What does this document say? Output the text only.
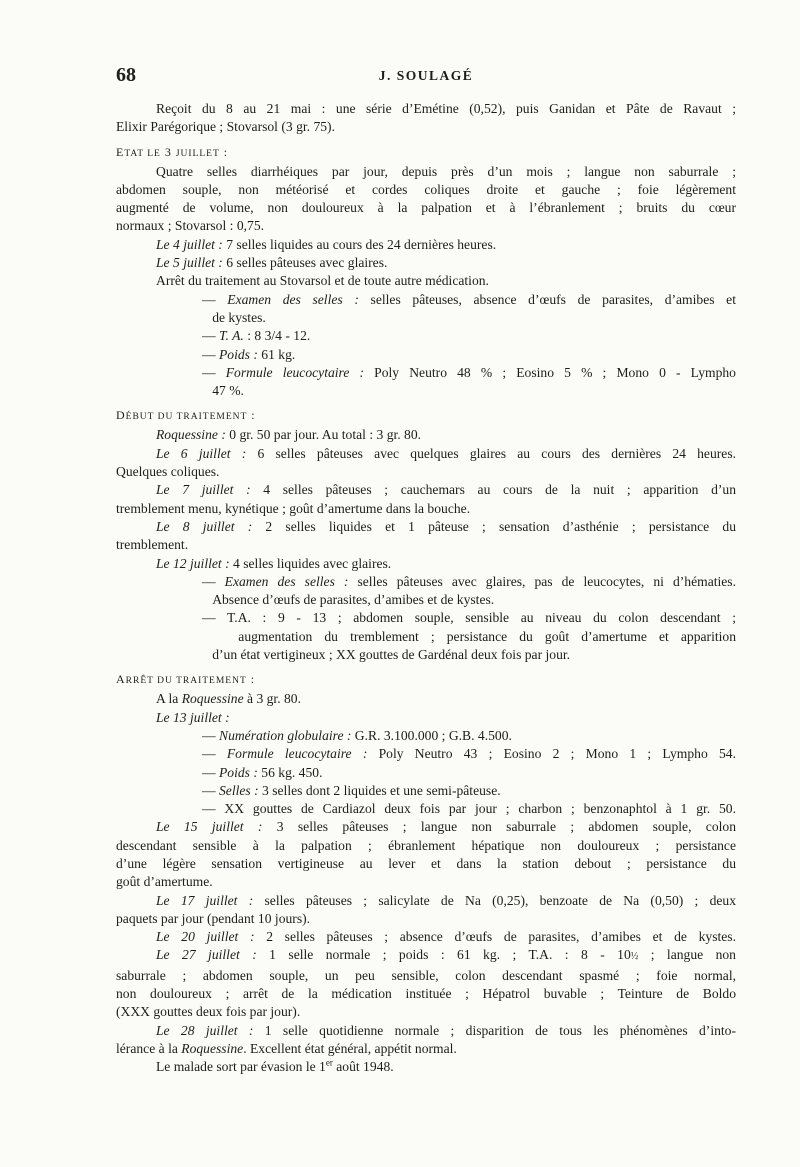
68	J. SOULAGÉ
Reçoit du 8 au 21 mai : une série d’Emétine (0,52), puis Ganidan et Pâte de Ravaut ;
Elixir Parégorique ; Stovarsol (3 gr. 75).
ETAT LE 3 JUILLET :
Quatre selles diarrhéiques par jour, depuis près d’un mois ; langue non saburrale ;
abdomen souple, non météorisé et cordes coliques droite et gauche ; foie légèrement
augmenté de volume, non douloureux à la palpation et à l’ébranlement ; bruits du cœur
normaux ; Stovarsol : 0,75.
Le 4 juillet : 7 selles liquides au cours des 24 dernières heures.
Le 5 juillet : 6 selles pâteuses avec glaires.
Arrêt du traitement au Stovarsol et de toute autre médication.
— Examen des selles : selles pâteuses, absence d’œufs de parasites, d’amibes et
de kystes.
— T. A. : 8 3/4 - 12.
— Poids : 61 kg.
— Formule leucocytaire : Poly Neutro 48 % ; Eosino 5 % ; Mono 0 - Lympho
47 %.
DÉBUT DU TRAITEMENT :
Roquessine : 0 gr. 50 par jour. Au total : 3 gr. 80.
Le 6 juillet : 6 selles pâteuses avec quelques glaires au cours des dernières 24 heures.
Quelques coliques.
Le 7 juillet : 4 selles pâteuses ; cauchemars au cours de la nuit ; apparition d’un
tremblement menu, kynétique ; goût d’amertume dans la bouche.
Le 8 juillet : 2 selles liquides et 1 pâteuse ; sensation d’asthénie ; persistance du
tremblement.
Le 12 juillet : 4 selles liquides avec glaires.
— Examen des selles : selles pâteuses avec glaires, pas de leucocytes, ni d’hématies.
Absence d’œufs de parasites, d’amibes et de kystes.
— T.A. : 9 - 13 ; abdomen souple, sensible au niveau du colon descendant ;
augmentation du tremblement ; persistance du goût d’amertume et apparition
d’un état vertigineux ; XX gouttes de Gardénal deux fois par jour.
ARRÊT DU TRAITEMENT :
A la Roquessine à 3 gr. 80.
Le 13 juillet :
— Numération globulaire : G.R. 3.100.000 ; G.B. 4.500.
— Formule leucocytaire : Poly Neutro 43 ; Eosino 2 ; Mono 1 ; Lympho 54.
— Poids : 56 kg. 450.
— Selles : 3 selles dont 2 liquides et une semi-pâteuse.
— XX gouttes de Cardiazol deux fois par jour ; charbon ; benzonaphtol à 1 gr. 50.
Le 15 juillet : 3 selles pâteuses ; langue non saburrale ; abdomen souple, colon
descendant sensible à la palpation ; ébranlement hépatique non douloureux ; persistance
d’une légère sensation vertigineuse au lever et dans la station debout ; persistance du
goût d’amertume.
Le 17 juillet : selles pâteuses ; salicylate de Na (0,25), benzoate de Na (0,50) ; deux
paquets par jour (pendant 10 jours).
Le 20 juillet : 2 selles pâteuses ; absence d’œufs de parasites, d’amibes et de kystes.
Le 27 juillet : 1 selle normale ; poids : 61 kg. ; T.A. : 8 - 10½ ; langue non
saburrale ; abdomen souple, un peu sensible, colon descendant spasmé ; foie normal,
non douloureux ; arrêt de la médication instituée ; Hépatrol buvable ; Teinture de Boldo
(XXX gouttes deux fois par jour).
Le 28 juillet : 1 selle quotidienne normale ; disparition de tous les phénomènes d’into-
lérance à la Roquessine. Excellent état général, appétit normal.
Le malade sort par évasion le 1er août 1948.
